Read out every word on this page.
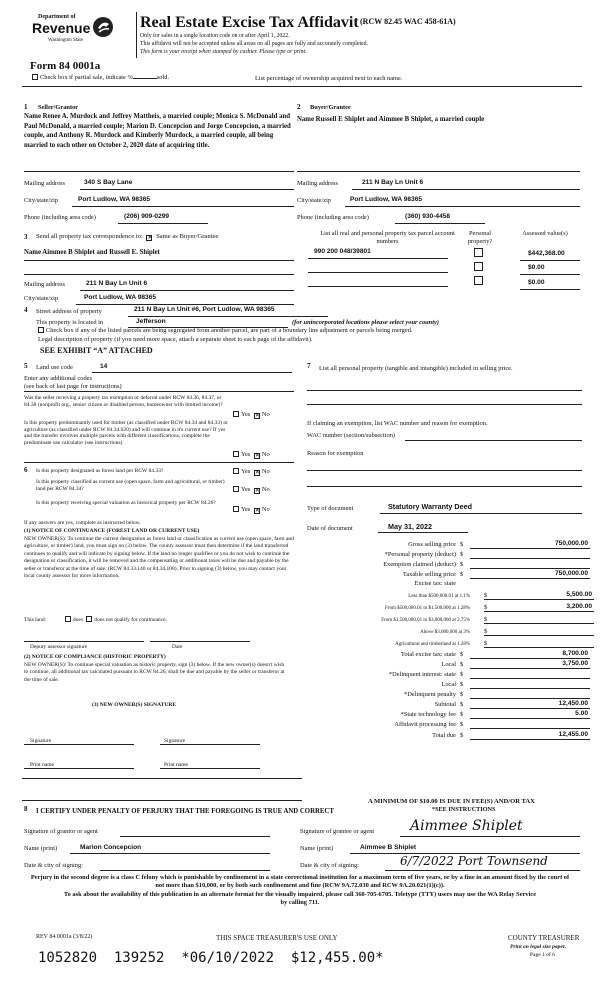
Department of
Revenue
Washington State
Real Estate Excise Tax Affidavit (RCW 82.45 WAC 458-61A)
Only for sales in a single location code on or after April 1, 2022.
This affidavit will not be accepted unless all areas on all pages are fully and accurately completed.
This form is your receipt when stamped by cashier. Please type or print.
Form 84 0001a
Check box if partial sale, indicate %	sold.	List percentage of ownership acquired next to each name.
1 Seller/Grantor
Name Renee A. Murdock and Jeffrey Mattheis, a married couple; Monica S. McDonald and Paul McDonald, a married couple; Marion D. Concepcion and Jorge Concepcion, a married couple, and Anthony R. Murdock and Kimberly Murdock, a married couple, all being married to each other on October 2, 2020 date of acquiring title.
Mailing address	340 S Bay Lane
City/state/zip	Port Ludlow, WA 98365
Phone (including area code)	(206) 909-0299
2 Buyer/Grantee
Name Russell E Shiplet and Aimmee B Shiplet, a married couple
Mailing address	211 N Bay Ln Unit 6
City/state/zip	Port Ludlow, WA 98365
Phone (including area code)	(360) 930-4458
3 Send all property tax correspondence to: ✕ Same as Buyer/Grantee
Name Aimmee B Shiplet and Russell E. Shiplet
Mailing address	211 N Bay Ln Unit 6
City/state/zip	Port Ludlow, WA 98365
List all real and personal property tax parcel account numbers
Personal property?
Assessed value(s)
990 200 048/39801	$442,368.00
$0.00
$0.00
4 Street address of property	211 N Bay Ln Unit #6, Port Ludlow, WA 98365
This property is located in	Jefferson	(for unincorporated locations please select your county)
Check box if any of the listed parcels are being segregated from another parcel, are part of a boundary line adjustment or parcels being merged.
Legal description of property (if you need more space, attach a separate sheet to each page of the affidavit).
SEE EXHIBIT “A” ATTACHED
5 Land use code	14
Enter any additional codes
(see back of last page for instructions)
Was the seller receiving a property tax exemption or deferral under RCW 84.36, 84.37, or 84.38 (nonprofit org., senior citizen or disabled person, homeowner with limited income)?
Yes ✕ No
Is this property predominantly used for timber (as classified under RCW 84.34 and 84.33) or agriculture (as classified under RCW 84.34.020) and will continue in it's current use? If yes and the transfer involves multiple parcels with different classifications, complete the predominate use calculator (see instructions)
Yes ✕ No
6 Is this property designated as forest land per RCW 84.33?	Yes ✕ No
Is this property classified as current use (open space, farm and agricultural, or timber) land per RCW 84.34?	Yes ✕ No
Is this property receiving special valuation as historical property per RCW 84.26?
Yes ✕ No
If any answers are yes, complete as instructed below.
(1) NOTICE OF CONTINUANCE (FOREST LAND OR CURRENT USE)
NEW OWNER(S): To continue the current designation as forest land or classification as current use (open space, farm and agriculture, or timber) land, you must sign on (3) below. The county assessor must then determine if the land transferred continues to qualify and will indicate by signing below. If the land no longer qualifies or you do not wish to continue the designation or classification, it will be removed and the compensating or additional taxes will be due and payable by the seller or transferor at the time of sale. (RCW 84.33.140 or 84.34.108). Prior to signing (3) below, you may contact your local county assessor for more information.
This land:	does does not qualify for continuance.
Deputy assessor signature	Date
(2) NOTICE OF COMPLIANCE (HISTORIC PROPERTY)
NEW OWNER(S): To continue special valuation as historic property, sign (3) below. If the new owner(s) doesn't wish to continue, all additional tax calculated pursuant to RCW 84.26, shall be due and payable by the seller or transferor at the time of sale.
(3) NEW OWNER(S) SIGNATURE
Signature	Signature
Print name	Print name
7	List all personal property (tangible and intangible) included in selling price.
If claiming an exemption, list WAC number and reason for exemption.
WAC number (section/subsection)
Reason for exemption
Type of document	Statutory Warranty Deed
Date of document	May 31, 2022
Gross selling price $	750,000.00
*Personal property (deduct) $

Exemption claimed (deduct) $

Taxable selling price $	750,000.00
Excise tax: state
Less than $500,000.01 at 1.1%	$	5,500.00
From $500,000.01 to $1,500,000 at 1.28%	$	3,200.00
From $1,500,000.01 to $3,000,000 at 2.75%	$

Above $3,000,000 at 3%	$

Agricultural and timberland at 1.28%	$

Total excise tax: state $	8,700.00
Local $	3,750.00
*Delinquent interest: state $

Local $

*Delinquent penalty $

Subtotal $	12,450.00
*State technology fee $	5.00
Affidavit processing fee $

Total due $	12,455.00
A MINIMUM OF $10.00 IS DUE IN FEE(S) AND/OR TAX
*SEE INSTRUCTIONS
8 I CERTIFY UNDER PENALTY OF PERJURY THAT THE FOREGOING IS TRUE AND CORRECT
Signature of grantor or agent	Signature of grantee or agent	Aimmee Shiplet
Name (print)	Marion Concepcion	Name (print)	Aimmee B Shiplet
Date & city of signing:	Date & city of signing:	6/7/2022 Port Townsend
Perjury in the second degree is a class C felony which is punishable by confinement in a state correctional institution for a maximum term of five years, or by a fine in an amount fixed by the court of not more than $10,000, or by both such confinement and fine (RCW 9A.72.030 and RCW 9A.20.021(1)(c)).
To ask about the availability of this publication in an alternate format for the visually impaired, please call 360-705-6705. Teletype (TTY) users may use the WA Relay Service by calling 711.
REV 84 0001a (3/8/22)	THIS SPACE TREASURER'S USE ONLY	COUNTY TREASURER
Print on legal size paper.
Page 1 of 6
1052820  139252  *06/10/2022  $12,455.00*
